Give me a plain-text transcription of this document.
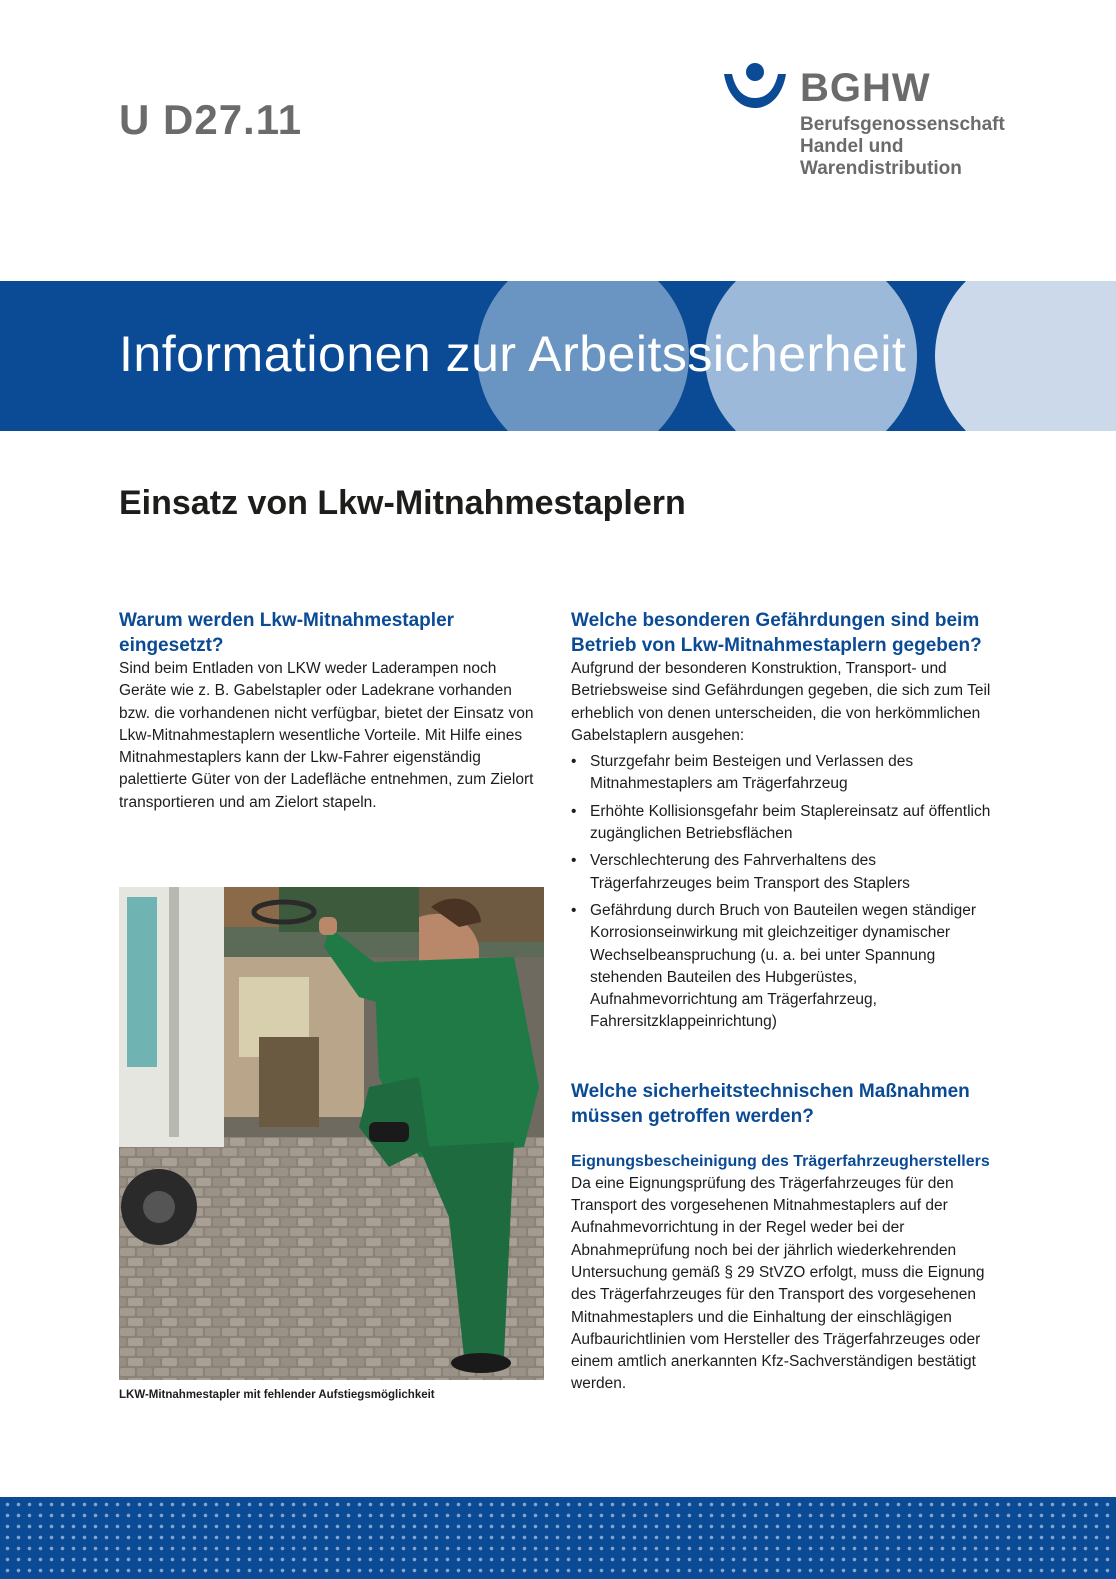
U D27.11
BGHW
Berufsgenossenschaft
Handel und
Warendistribution
Informationen zur Arbeitssicherheit
Einsatz von Lkw-Mitnahmestaplern
Warum werden Lkw-Mitnahmestapler eingesetzt?

Sind beim Entladen von LKW weder Laderampen noch Geräte wie z. B. Gabelstapler oder Ladekrane vorhanden bzw. die vorhandenen nicht verfügbar, bietet der Einsatz von Lkw-Mitnahmestaplern wesentliche Vorteile. Mit Hilfe eines Mitnahmestaplers kann der Lkw-Fahrer eigenständig palettierte Güter von der Ladefläche entnehmen, zum Zielort transportieren und am Zielort stapeln.

LKW-Mitnahmestapler mit fehlender Aufstiegsmöglichkeit
Welche besonderen Gefährdungen sind beim Betrieb von Lkw-Mitnahmestaplern gegeben?

Aufgrund der besonderen Konstruktion, Transport- und Betriebsweise sind Gefährdungen gegeben, die sich zum Teil erheblich von denen unterscheiden, die von herkömmlichen Gabelstaplern ausgehen:

• Sturzgefahr beim Besteigen und Verlassen des Mitnahmestaplers am Trägerfahrzeug
• Erhöhte Kollisionsgefahr beim Staplereinsatz auf öffentlich zugänglichen Betriebsflächen
• Verschlechterung des Fahrverhaltens des Trägerfahrzeuges beim Transport des Staplers
• Gefährdung durch Bruch von Bauteilen wegen ständiger Korrosionseinwirkung mit gleichzeitiger dynamischer Wechselbeanspruchung (u. a. bei unter Spannung stehenden Bauteilen des Hubgerüstes, Aufnahmevorrichtung am Trägerfahrzeug, Fahrersitzklappeinrichtung)
Welche sicherheitstechnischen Maßnahmen müssen getroffen werden?
Eignungsbescheinigung des Trägerfahrzeugherstellers

Da eine Eignungsprüfung des Trägerfahrzeuges für den Transport des vorgesehenen Mitnahmestaplers auf der Aufnahmevorrichtung in der Regel weder bei der Abnahmeprüfung noch bei der jährlich wiederkehrenden Untersuchung gemäß § 29 StVZO erfolgt, muss die Eignung des Trägerfahrzeuges für den Transport des vorgesehenen Mitnahmestaplers und die Einhaltung der einschlägigen Aufbaurichtlinien vom Hersteller des Trägerfahrzeuges oder einem amtlich anerkannten Kfz-Sachverständigen bestätigt werden.
